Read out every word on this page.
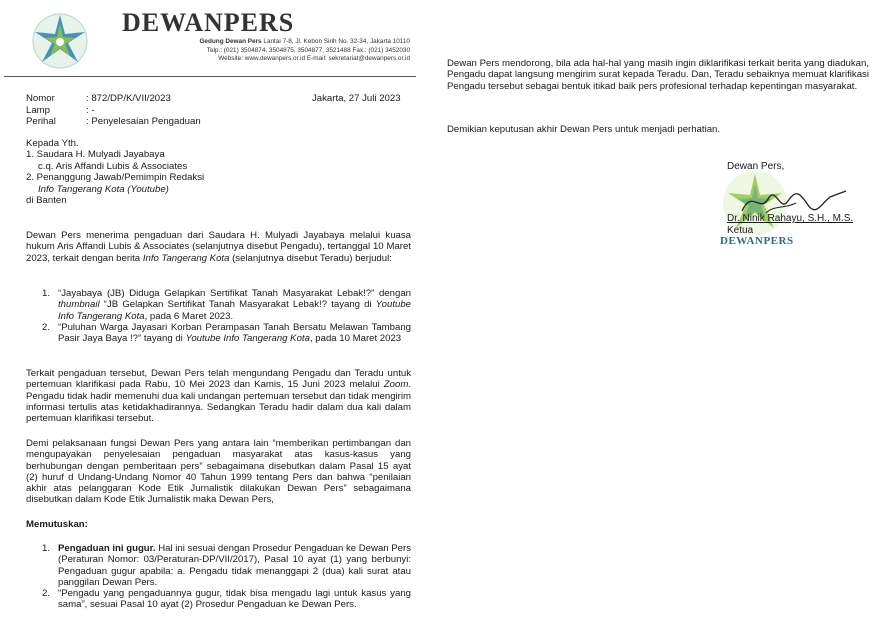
DEWANPERS
Gedung Dewan Pers Lantai 7-8, Jl. Kebon Sirih No. 32-34, Jakarta 10110
Telp.: (021) 3504874, 3504875, 3504877, 3521488 Fax.: (021) 3452030
Website: www.dewanpers.or.id E-mail: sekretariat@dewanpers.or.id
Nomor	: 872/DP/K/VII/2023
Lamp	: -
Perihal	: Penyelesaian Pengaduan
Jakarta, 27 Juli 2023
Kepada Yth.
1. Saudara H. Mulyadi Jayabaya
c.q. Aris Affandi Lubis & Associates
2. Penanggung Jawab/Pemimpin Redaksi
Info Tangerang Kota (Youtube)
di Banten
Dewan Pers menerima pengaduan dari Saudara H. Mulyadi Jayabaya melalui kuasa hukum Aris Affandi Lubis & Associates (selanjutnya disebut Pengadu), tertanggal 10 Maret 2023, terkait dengan berita Info Tangerang Kota (selanjutnya disebut Teradu) berjudul:
1. “Jayabaya (JB) Diduga Gelapkan Sertifikat Tanah Masyarakat Lebak!?” dengan thumbnail “JB Gelapkan Sertifikat Tanah Masyarakat Lebak!? tayang di Youtube Info Tangerang Kota, pada 6 Maret 2023.
2. “Puluhan Warga Jayasari Korban Perampasan Tanah Bersatu Melawan Tambang Pasir Jaya Baya !?” tayang di Youtube Info Tangerang Kota, pada 10 Maret 2023
Terkait pengaduan tersebut, Dewan Pers telah mengundang Pengadu dan Teradu untuk pertemuan klarifikasi pada Rabu, 10 Mei 2023 dan Kamis, 15 Juni 2023 melalui Zoom. Pengadu tidak hadir memenuhi dua kali undangan pertemuan tersebut dan tidak mengirim informasi tertulis atas ketidakhadirannya. Sedangkan Teradu hadir dalam dua kali dalam pertemuan klarifikasi tersebut.
Demi pelaksanaan fungsi Dewan Pers yang antara lain “memberikan pertimbangan dan mengupayakan penyelesaian pengaduan masyarakat atas kasus-kasus yang berhubungan dengan pemberitaan pers” sebagaimana disebutkan dalam Pasal 15 ayat (2) huruf d Undang-Undang Nomor 40 Tahun 1999 tentang Pers dan bahwa “penilaian akhir atas pelanggaran Kode Etik Jurnalistik dilakukan Dewan Pers” sebagaimana disebutkan dalam Kode Etik Jurnalistik maka Dewan Pers,
Memutuskan:
1. Pengaduan ini gugur. Hal ini sesuai dengan Prosedur Pengaduan ke Dewan Pers (Peraturan Nomor: 03/Peraturan-DP/VII/2017), Pasal 10 ayat (1) yang berbunyi: Pengaduan gugur apabila: a. Pengadu tidak menanggapi 2 (dua) kali surat atau panggilan Dewan Pers.
2. “Pengadu yang pengaduannya gugur, tidak bisa mengadu lagi untuk kasus yang sama”, sesuai Pasal 10 ayat (2) Prosedur Pengaduan ke Dewan Pers.
Dewan Pers mendorong, bila ada hal-hal yang masih ingin diklarifikasi terkait berita yang diadukan, Pengadu dapat langsung mengirim surat kepada Teradu. Dan, Teradu sebaiknya memuat klarifikasi Pengadu tersebut sebagai bentuk itikad baik pers profesional terhadap kepentingan masyarakat.
Demikian keputusan akhir Dewan Pers untuk menjadi perhatian.
Dewan Pers,
Dr. Ninik Rahayu, S.H., M.S.
Ketua
DEWANPERS
